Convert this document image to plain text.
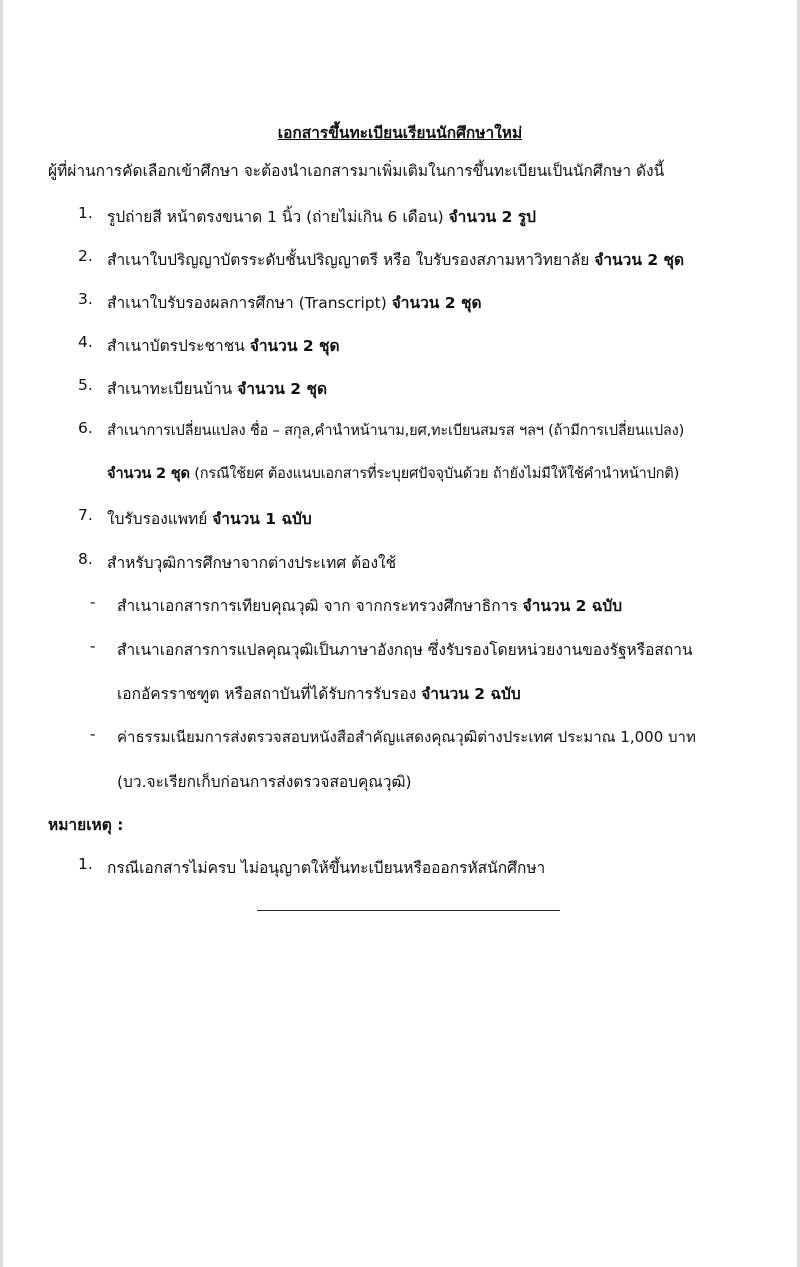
เอกสารขึ้นทะเบียนเรียนนักศึกษาใหม่
ผู้ที่ผ่านการคัดเลือกเข้าศึกษา จะต้องนำเอกสารมาเพิ่มเติมในการขึ้นทะเบียนเป็นนักศึกษา ดังนี้
1. รูปถ่ายสี หน้าตรงขนาด 1 นิ้ว (ถ่ายไม่เกิน 6 เดือน) จำนวน 2 รูป
2. สำเนาใบปริญญาบัตรระดับชั้นปริญญาตรี หรือ ใบรับรองสภามหาวิทยาลัย จำนวน 2 ชุด
3. สำเนาใบรับรองผลการศึกษา (Transcript) จำนวน 2 ชุด
4. สำเนาบัตรประชาชน จำนวน 2 ชุด
5. สำเนาทะเบียนบ้าน จำนวน 2 ชุด
6. สำเนาการเปลี่ยนแปลง ชื่อ – สกุล,คำนำหน้านาม,ยศ,ทะเบียนสมรส ฯลฯ (ถ้ามีการเปลี่ยนแปลง)
จำนวน 2 ชุด (กรณีใช้ยศ ต้องแนบเอกสารที่ระบุยศปัจจุบันด้วย ถ้ายังไม่มีให้ใช้คำนำหน้าปกติ)
7. ใบรับรองแพทย์ จำนวน 1 ฉบับ
8. สำหรับวุฒิการศึกษาจากต่างประเทศ ต้องใช้
- สำเนาเอกสารการเทียบคุณวุฒิ จาก จากกระทรวงศึกษาธิการ จำนวน 2 ฉบับ
- สำเนาเอกสารการแปลคุณวุฒิเป็นภาษาอังกฤษ ซึ่งรับรองโดยหน่วยงานของรัฐหรือสถาน
เอกอัครราชฑูต หรือสถาบันที่ได้รับการรับรอง จำนวน 2 ฉบับ
- ค่าธรรมเนียมการส่งตรวจสอบหนังสือสำคัญแสดงคุณวุฒิต่างประเทศ ประมาณ 1,000 บาท
(บว.จะเรียกเก็บก่อนการส่งตรวจสอบคุณวุฒิ)
หมายเหตุ :
1. กรณีเอกสารไม่ครบ ไม่อนุญาตให้ขึ้นทะเบียนหรือออกรหัสนักศึกษา
